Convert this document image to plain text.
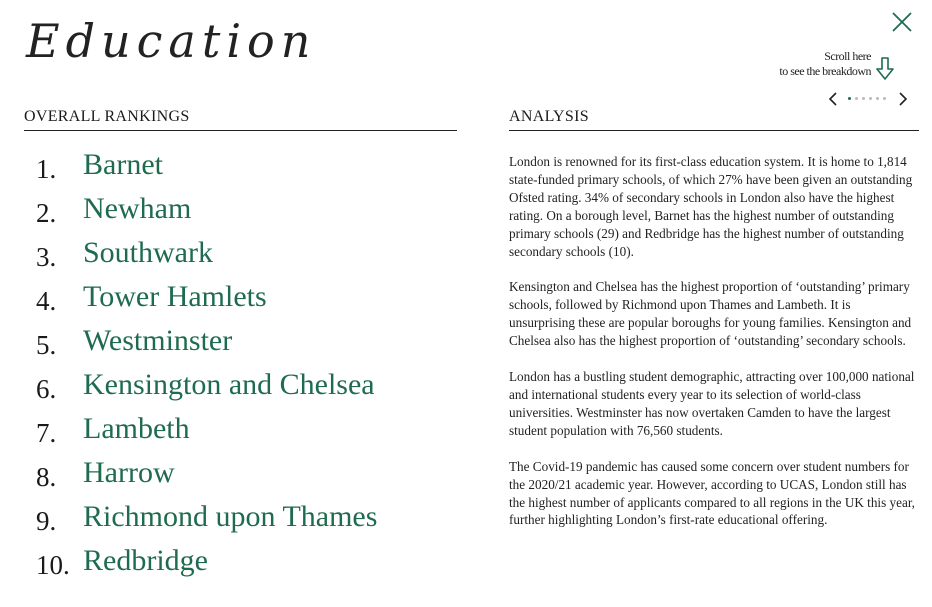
Education	Scroll here
to see the breakdown
OVERALL RANKINGS	ANALYSIS
1. Barnet
2. Newham
3. Southwark
4. Tower Hamlets
5. Westminster
6. Kensington and Chelsea
7. Lambeth
8. Harrow
9. Richmond upon Thames
10. Redbridge

London is renowned for its first-class education system. It is home to 1,814 state-funded primary schools, of which 27% have been given an outstanding Ofsted rating. 34% of secondary schools in London also have the highest rating. On a borough level, Barnet has the highest number of outstanding primary schools (29) and Redbridge has the highest number of outstanding secondary schools (10).

Kensington and Chelsea has the highest proportion of ‘outstanding’ primary schools, followed by Richmond upon Thames and Lambeth. It is unsurprising these are popular boroughs for young families. Kensington and Chelsea also has the highest proportion of ‘outstanding’ secondary schools.

London has a bustling student demographic, attracting over 100,000 national and international students every year to its selection of world-class universities. Westminster has now overtaken Camden to have the largest student population with 76,560 students.

The Covid-19 pandemic has caused some concern over student numbers for the 2020/21 academic year. However, according to UCAS, London still has the highest number of applicants compared to all regions in the UK this year, further highlighting London’s first-rate educational offering.
